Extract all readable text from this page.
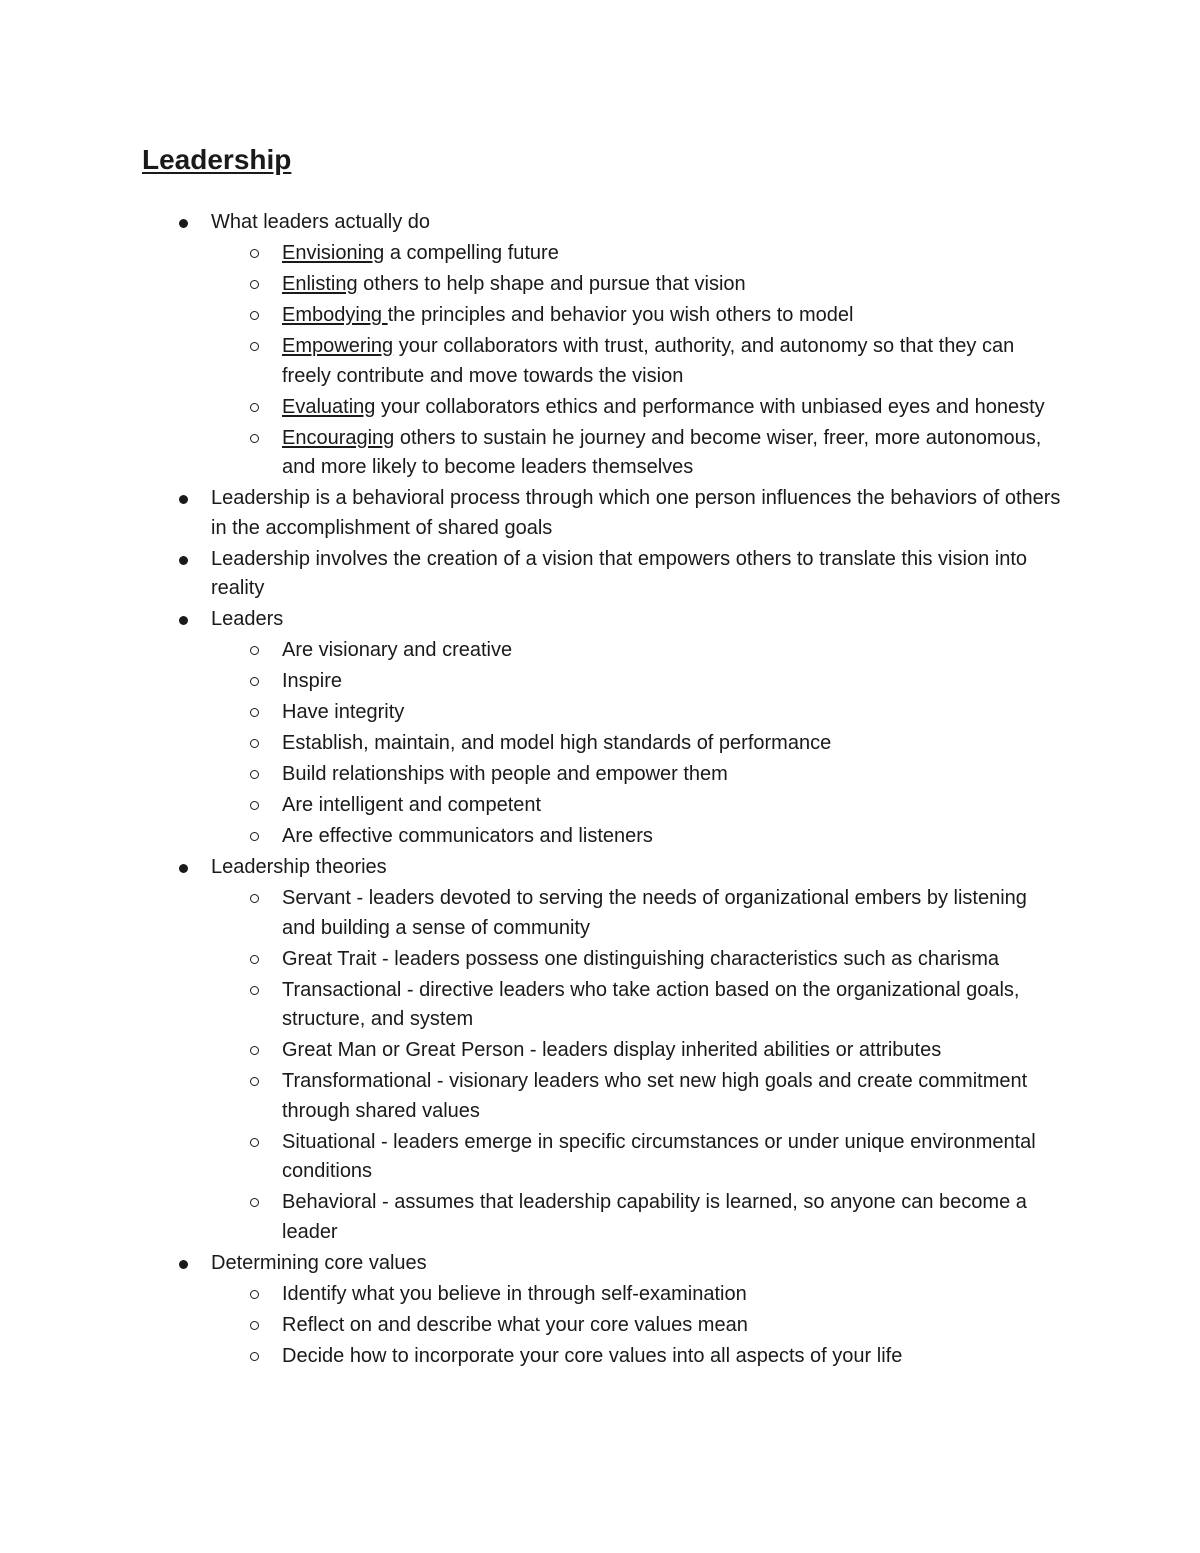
Leadership
What leaders actually do
Envisioning a compelling future
Enlisting others to help shape and pursue that vision
Embodying the principles and behavior you wish others to model
Empowering your collaborators with trust, authority, and autonomy so that they can freely contribute and move towards the vision
Evaluating your collaborators ethics and performance with unbiased eyes and honesty
Encouraging others to sustain he journey and become wiser, freer, more autonomous, and more likely to become leaders themselves
Leadership is a behavioral process through which one person influences the behaviors of others in the accomplishment of shared goals
Leadership involves the creation of a vision that empowers others to translate this vision into reality
Leaders
Are visionary and creative
Inspire
Have integrity
Establish, maintain, and model high standards of performance
Build relationships with people and empower them
Are intelligent and competent
Are effective communicators and listeners
Leadership theories
Servant - leaders devoted to serving the needs of organizational embers by listening and building a sense of community
Great Trait - leaders possess one distinguishing characteristics such as charisma
Transactional - directive leaders who take action based on the organizational goals, structure, and system
Great Man or Great Person - leaders display inherited abilities or attributes
Transformational - visionary leaders who set new high goals and create commitment through shared values
Situational - leaders emerge in specific circumstances or under unique environmental conditions
Behavioral - assumes that leadership capability is learned, so anyone can become a leader
Determining core values
Identify what you believe in through self-examination
Reflect on and describe what your core values mean
Decide how to incorporate your core values into all aspects of your life
